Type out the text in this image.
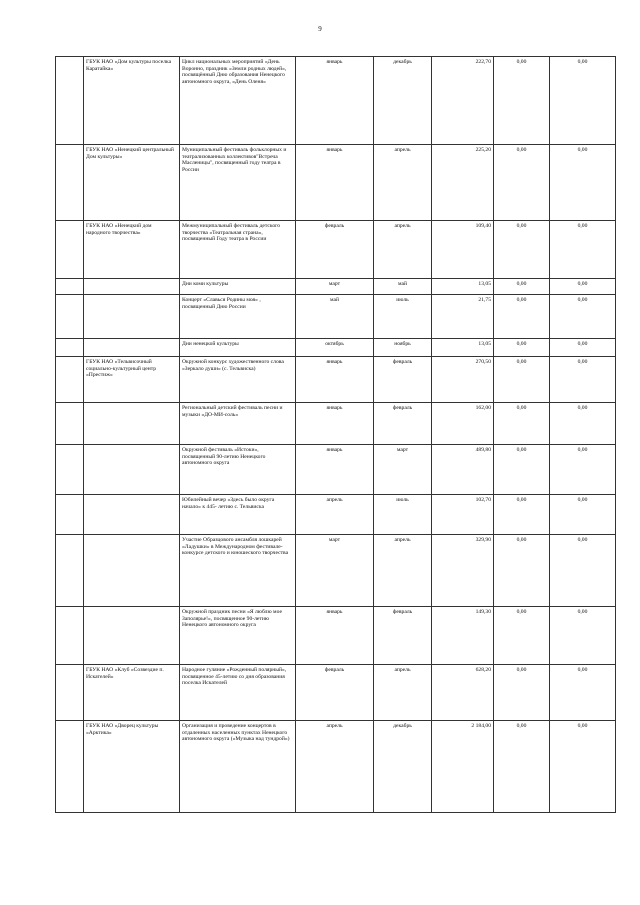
9

	ГБУК НАО «Дом культуры поселка Каратайка»	Цикл национальных мероприятий «День Воронно, праздник «Земли родных людей», посвящённый Дню образования Ненецкого автономного округа, «День Оленя»	январь	декабрь	222,70	0,00	0,00

	ГБУК НАО «Ненецкий центральный Дом культуры»	Муниципальный фестиваль фольклорных и театрализованных коллективов"Встреча Масленицы", посвященный году театра в России	январь	апрель	225,20	0,00	0,00

	ГБУК НАО «Ненецкий дом народного творчества»	Межмуниципальный фестиваль детского творчества «Театральная страна», посвященный Году театра в России	февраль	апрель	109,40	0,00	0,00

		Дни коми культуры	март	май	13,05	0,00	0,00

		Концерт «Славься Родины моя» , посвященный Дню России	май	июль	21,75	0,00	0,00

		Дни ненецкой культуры	октябрь	ноябрь	13,05	0,00	0,00

	ГБУК НАО «Тельвисочный социально-культурный центр «Престиж»	Окружной конкурс художественного слова «Зеркало души» (с. Тельвиска)	январь	февраль	270,50	0,00	0,00

		Региональный детский фестиваль песни и музыки «ДО-МИ-соль»	январь	февраль	162,00	0,00	0,00

		Окружной фестиваль «Истоки», посвященный 90-летию Ненецкого автономного округа	январь	март	489,80	0,00	0,00

		Юбилейный вечер «Здесь было округа начало» к 445- летию с. Тельвиска	апрель	июль	102,70	0,00	0,00

		Участие Образцового ансамбля лошкарей «Ладушки» в Международном фестивале-конкурсе детского и юношеского творчества	март	апрель	329,90	0,00	0,00

		Окружной праздник песни «Я люблю мое Заполярье!», посвященное 90-летию Ненецкого автономного округа	январь	февраль	149,30	0,00	0,00

	ГБУК НАО «Клуб «Созвездие п. Искателей»	Народное гуляние «Рожденный полярный», посвященное 45-летию со дня образования поселка Искателей	февраль	апрель	628,20	0,00	0,00

	ГБУК НАО «Дворец культуры «Арктика»	Организация и проведение концертов в отдаленных населенных пунктах Ненецкого автономного округа («Музыка над тундрой»)	апрель	декабрь	2 184,00	0,00	0,00
